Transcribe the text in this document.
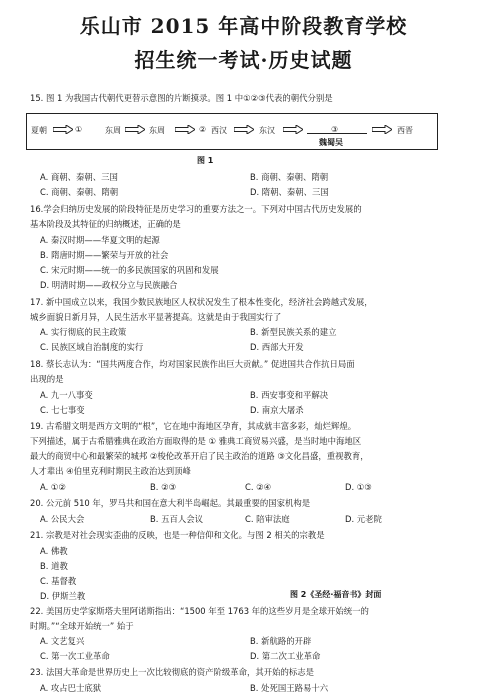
乐山市 2015 年高中阶段教育学校
招生统一考试·历史试题
15. 图 1 为我国古代朝代更替示意图的片断摸录。图 1 中①②③代表的朝代分别是
夏朝	①	东周	东周	② 西汉	东汉	③
魏蜀吴
西晋
图 1
A. 商朝、秦朝、三国	B. 商朝、秦朝、隋朝
C. 商朝、秦朝、隋朝	D. 隋朝、秦朝、三国
16.学会归纳历史发展的阶段特征是历史学习的重要方法之一。下列对中国古代历史发展的
基本阶段及其特征的归纳概述，正确的是
A. 秦汉时期——华夏文明的起源
B. 隋唐时期——繁荣与开放的社会
C. 宋元时期——统一的多民族国家的巩固和发展
D. 明清时期——政权分立与民族融合
17. 新中国成立以来，我国少数民族地区人权状况发生了根本性变化，经济社会跨越式发展，
城乡面貌日新月异，人民生活水平显著提高。这就是由于我国实行了
A. 实行彻底的民主政策	B. 新型民族关系的建立
C. 民族区域自治制度的实行	D. 西部大开发
18. 蔡长志认为：“国共两度合作，均对国家民族作出巨大贡献。” 促进国共合作抗日局面
出现的是
A. 九一八事变	B. 西安事变和平解决
C. 七七事变	D. 南京大屠杀
19. 古希腊文明是西方文明的“根”，它在地中海地区孕育，其成就丰富多彩，灿烂辉煌。
下列描述，属于古希腊雅典在政治方面取得的是 ① 雅典工商贸易兴盛，是当时地中海地区
最大的商贸中心和最繁荣的城邦 ②梭伦改革开启了民主政治的道路 ③文化昌盛，重视教育，
人才辈出 ④伯里克利时期民主政治达到顶峰
A. ①②	B. ②③	C. ②④	D. ①③
20. 公元前 510 年，罗马共和国在意大利半岛崛起。其最重要的国家机构是
A. 公民大会	B. 五百人会议	C. 陪审法庭	D. 元老院
21. 宗教是对社会现实歪曲的反映，也是一种信仰和文化。与图 2 相关的宗教是
A. 佛教
B. 道教
C. 基督教
D. 伊斯兰教	图 2《圣经·福音书》封面
22. 美国历史学家斯塔夫里阿诺斯指出：“1500 年至 1763 年的这些岁月是全球开始统一的
时期。”“全球开始统一” 始于
A. 文艺复兴	B. 新航路的开辟
C. 第一次工业革命	D. 第二次工业革命
23. 法国大革命是世界历史上一次比较彻底的资产阶级革命，其开始的标志是
A. 攻占巴士底狱	B. 处死国王路易十六
